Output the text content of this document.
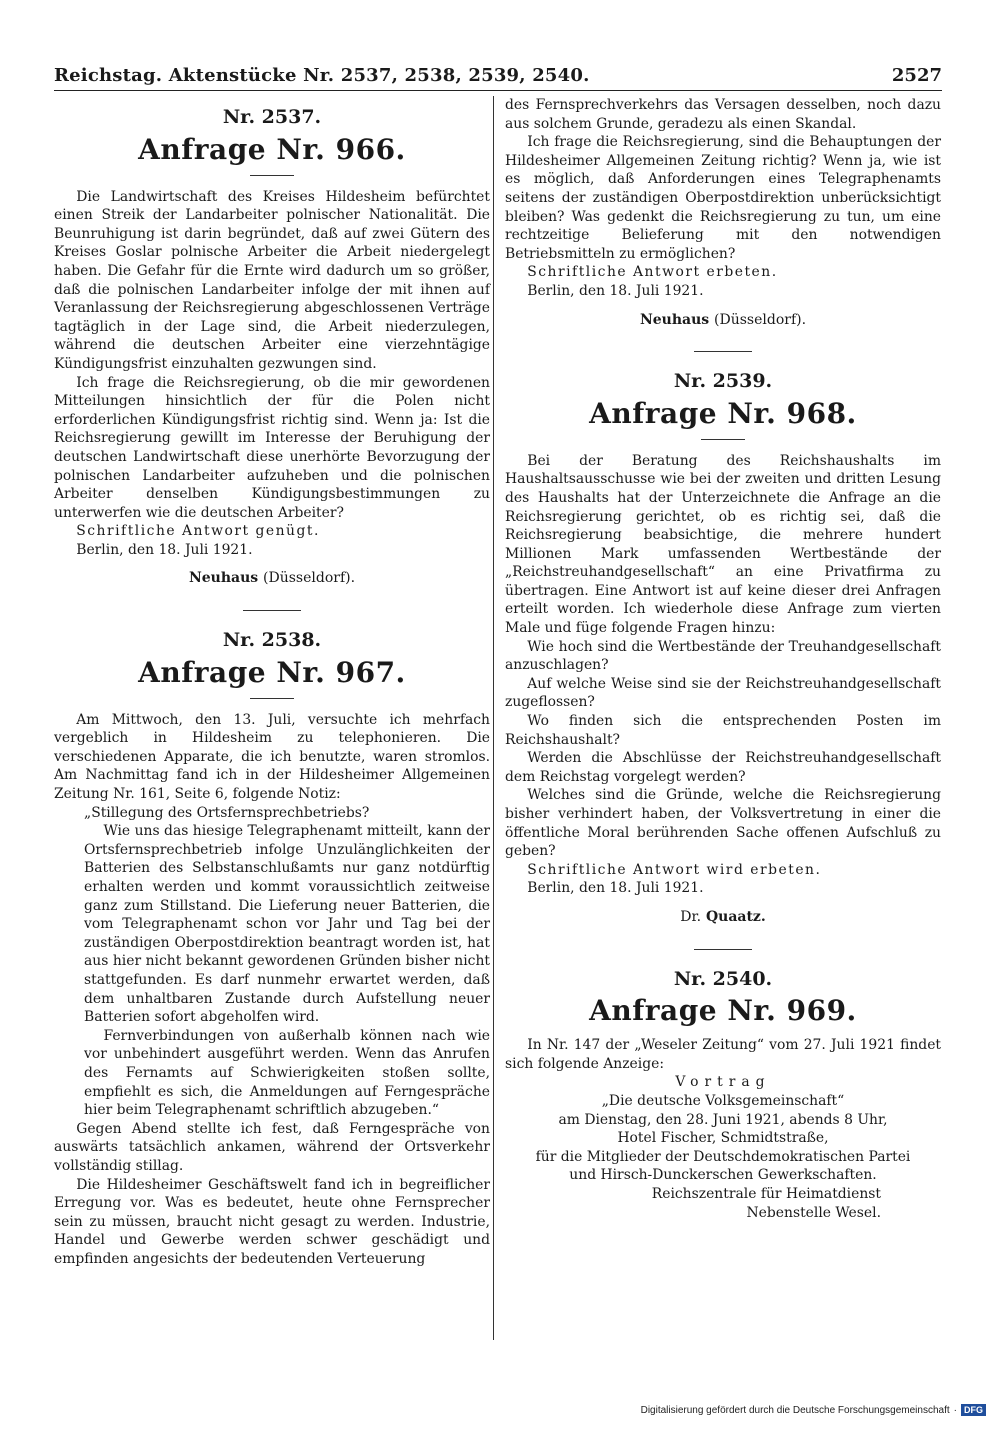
Reichstag. Aktenstücke Nr. 2537, 2538, 2539, 2540.	2527
Nr. 2537.
Anfrage Nr. 966.

Die Landwirtschaft des Kreises Hildesheim befürchtet einen Streik der Landarbeiter polnischer Nationalität. Die Beunruhigung ist darin begründet, daß auf zwei Gütern des Kreises Goslar polnische Arbeiter die Arbeit niedergelegt haben. Die Gefahr für die Ernte wird dadurch um so größer, daß die polnischen Landarbeiter infolge der mit ihnen auf Veranlassung der Reichsregierung abgeschlossenen Verträge tagtäglich in der Lage sind, die Arbeit niederzulegen, während die deutschen Arbeiter eine vierzehntägige Kündigungsfrist einzuhalten gezwungen sind.

Ich frage die Reichsregierung, ob die mir gewordenen Mitteilungen hinsichtlich der für die Polen nicht erforderlichen Kündigungsfrist richtig sind. Wenn ja: Ist die Reichsregierung gewillt im Interesse der Beruhigung der deutschen Landwirtschaft diese unerhörte Bevorzugung der polnischen Landarbeiter aufzuheben und die polnischen Arbeiter denselben Kündigungsbestimmungen zu unterwerfen wie die deutschen Arbeiter?

Schriftliche Antwort genügt.

Berlin, den 18. Juli 1921.

Neuhaus (Düsseldorf).
Nr. 2538.
Anfrage Nr. 967.

Am Mittwoch, den 13. Juli, versuchte ich mehrfach vergeblich in Hildesheim zu telephonieren. Die verschiedenen Apparate, die ich benutzte, waren stromlos. Am Nachmittag fand ich in der Hildesheimer Allgemeinen Zeitung Nr. 161, Seite 6, folgende Notiz:

„Stillegung des Ortsfernsprechbetriebs?

Wie uns das hiesige Telegraphenamt mitteilt, kann der Ortsfernsprechbetrieb infolge Unzulänglichkeiten der Batterien des Selbstanschlußamts nur ganz notdürftig erhalten werden und kommt voraussichtlich zeitweise ganz zum Stillstand. Die Lieferung neuer Batterien, die vom Telegraphenamt schon vor Jahr und Tag bei der zuständigen Oberpostdirektion beantragt worden ist, hat aus hier nicht bekannt gewordenen Gründen bisher nicht stattgefunden. Es darf nunmehr erwartet werden, daß dem unhaltbaren Zustande durch Aufstellung neuer Batterien sofort abgeholfen wird.

Fernverbindungen von außerhalb können nach wie vor unbehindert ausgeführt werden. Wenn das Anrufen des Fernamts auf Schwierigkeiten stoßen sollte, empfiehlt es sich, die Anmeldungen auf Ferngespräche hier beim Telegraphenamt schriftlich abzugeben.“

Gegen Abend stellte ich fest, daß Ferngespräche von auswärts tatsächlich ankamen, während der Ortsverkehr vollständig stillag.

Die Hildesheimer Geschäftswelt fand ich in begreiflicher Erregung vor. Was es bedeutet, heute ohne Fernsprecher sein zu müssen, braucht nicht gesagt zu werden. Industrie, Handel und Gewerbe werden schwer geschädigt und empfinden angesichts der bedeutenden Verteuerung

des Fernsprechverkehrs das Versagen desselben, noch dazu aus solchem Grunde, geradezu als einen Skandal.

Ich frage die Reichsregierung, sind die Behauptungen der Hildesheimer Allgemeinen Zeitung richtig? Wenn ja, wie ist es möglich, daß Anforderungen eines Telegraphenamts seitens der zuständigen Oberpostdirektion unberücksichtigt bleiben? Was gedenkt die Reichsregierung zu tun, um eine rechtzeitige Belieferung mit den notwendigen Betriebsmitteln zu ermöglichen?

Schriftliche Antwort erbeten.

Berlin, den 18. Juli 1921.

Neuhaus (Düsseldorf).
Nr. 2539.
Anfrage Nr. 968.

Bei der Beratung des Reichshaushalts im Haushaltsausschusse wie bei der zweiten und dritten Lesung des Haushalts hat der Unterzeichnete die Anfrage an die Reichsregierung gerichtet, ob es richtig sei, daß die Reichsregierung beabsichtige, die mehrere hundert Millionen Mark umfassenden Wertbestände der „Reichstreuhandgesellschaft“ an eine Privatfirma zu übertragen. Eine Antwort ist auf keine dieser drei Anfragen erteilt worden. Ich wiederhole diese Anfrage zum vierten Male und füge folgende Fragen hinzu:

Wie hoch sind die Wertbestände der Treuhandgesellschaft anzuschlagen?

Auf welche Weise sind sie der Reichstreuhandgesellschaft zugeflossen?

Wo finden sich die entsprechenden Posten im Reichshaushalt?

Werden die Abschlüsse der Reichstreuhandgesellschaft dem Reichstag vorgelegt werden?

Welches sind die Gründe, welche die Reichsregierung bisher verhindert haben, der Volksvertretung in einer die öffentliche Moral berührenden Sache offenen Aufschluß zu geben?

Schriftliche Antwort wird erbeten.

Berlin, den 18. Juli 1921.

Dr. Quaatz.
Nr. 2540.
Anfrage Nr. 969.

In Nr. 147 der „Weseler Zeitung“ vom 27. Juli 1921 findet sich folgende Anzeige:

Vortrag
„Die deutsche Volksgemeinschaft“
am Dienstag, den 28. Juni 1921, abends 8 Uhr,
Hotel Fischer, Schmidtstraße,
für die Mitglieder der Deutschdemokratischen Partei
und Hirsch-Dunckerschen Gewerkschaften.
Reichszentrale für Heimatdienst
Nebenstelle Wesel.
Digitalisierung gefördert durch die Deutsche Forschungsgemeinschaft · DFG
